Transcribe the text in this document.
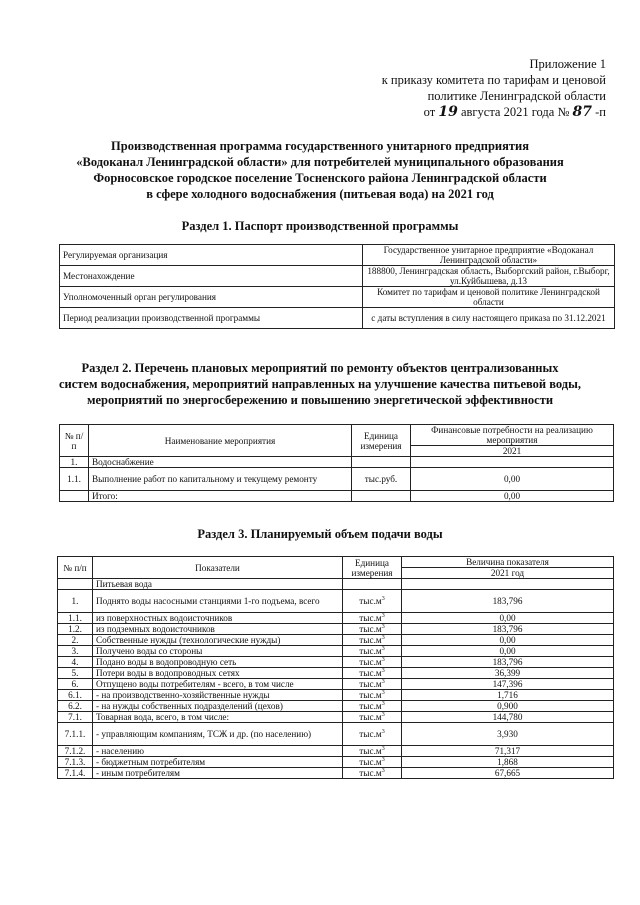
Приложение 1
к приказу комитета по тарифам и ценовой
политике Ленинградской области
от 19 августа 2021 года № 87 -п
Производственная программа государственного унитарного предприятия
«Водоканал Ленинградской области» для потребителей муниципального образования
Форносовское городское поселение Тосненского района Ленинградской области
в сфере холодного водоснабжения (питьевая вода) на 2021 год
Раздел 1. Паспорт производственной программы
Регулируемая организация	Государственное унитарное предприятие «Водоканал Ленинградской области»
Местонахождение	188800, Ленинградская область, Выборгский район, г.Выборг, ул.Куйбышева, д.13
Уполномоченный орган регулирования	Комитет по тарифам и ценовой политике Ленинградской области
Период реализации производственной программы	с даты вступления в силу настоящего приказа по 31.12.2021
Раздел 2. Перечень плановых мероприятий по ремонту объектов централизованных
систем водоснабжения, мероприятий направленных на улучшение качества питьевой воды,
мероприятий по энергосбережению и повышению энергетической эффективности
№ п/п	Наименование мероприятия	Единица измерения	Финансовые потребности на реализацию мероприятия
			2021
1.	Водоснабжение		
1.1.	Выполнение работ по капитальному и текущему ремонту	тыс.руб.	0,00
	Итого:		0,00
Раздел 3. Планируемый объем подачи воды
№ п/п	Показатели	Единица измерения	Величина показателя
			2021 год
	Питьевая вода		
1.	Поднято воды насосными станциями 1-го подъема, всего	$тыс.м^3$	183,796
1.1.	из поверхностных водоисточников	$тыс.м^3$	0,00
1.2.	из подземных водоисточников	$тыс.м^3$	183,796
2.	Собственные нужды (технологические нужды)	$тыс.м^3$	0,00
3.	Получено воды со стороны	$тыс.м^3$	0,00
4.	Подано воды в водопроводную сеть	$тыс.м^3$	183,796
5.	Потери воды в водопроводных сетях	$тыс.м^3$	36,399
6.	Отпущено воды потребителям - всего, в том числе	$тыс.м^3$	147,396
6.1.	- на производственно-хозяйственные нужды	$тыс.м^3$	1,716
6.2.	- на нужды собственных подразделений (цехов)	$тыс.м^3$	0,900
7.1.	Товарная вода, всего, в том числе:	$тыс.м^3$	144,780
7.1.1.	- управляющим компаниям, ТСЖ и др. (по населению)	$тыс.м^3$	3,930
7.1.2.	- населению	$тыс.м^3$	71,317
7.1.3.	- бюджетным потребителям	$тыс.м^3$	1,868
7.1.4.	- иным потребителям	$тыс.м^3$	67,665
